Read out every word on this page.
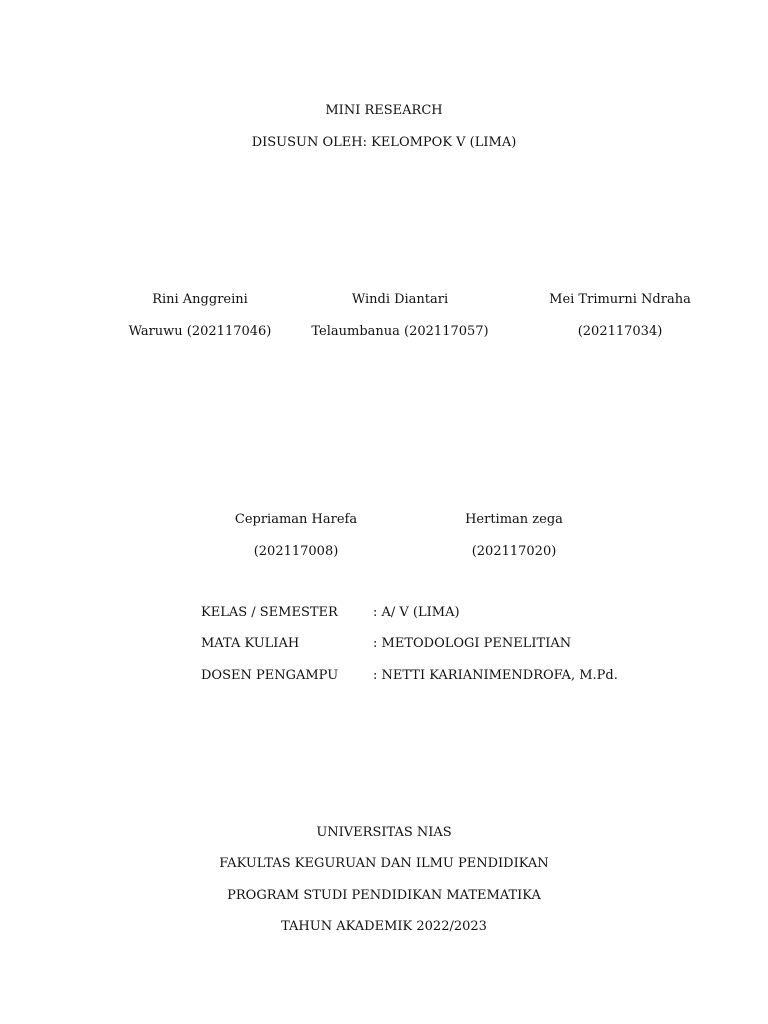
MINI RESEARCH
DISUSUN OLEH: KELOMPOK V (LIMA)
Rini Anggreini
Waruwu (202117046)
Windi Diantari
Telaumbanua (202117057)
Mei Trimurni Ndraha
(202117034)
Cepriaman Harefa
(202117008)
Hertiman zega
(202117020)
KELAS / SEMESTER	: A/ V (LIMA)
MATA KULIAH	: METODOLOGI PENELITIAN
DOSEN PENGAMPU	: NETTI KARIANIMENDROFA, M.Pd.
UNIVERSITAS NIAS
FAKULTAS KEGURUAN DAN ILMU PENDIDIKAN
PROGRAM STUDI PENDIDIKAN MATEMATIKA
TAHUN AKADEMIK 2022/2023
